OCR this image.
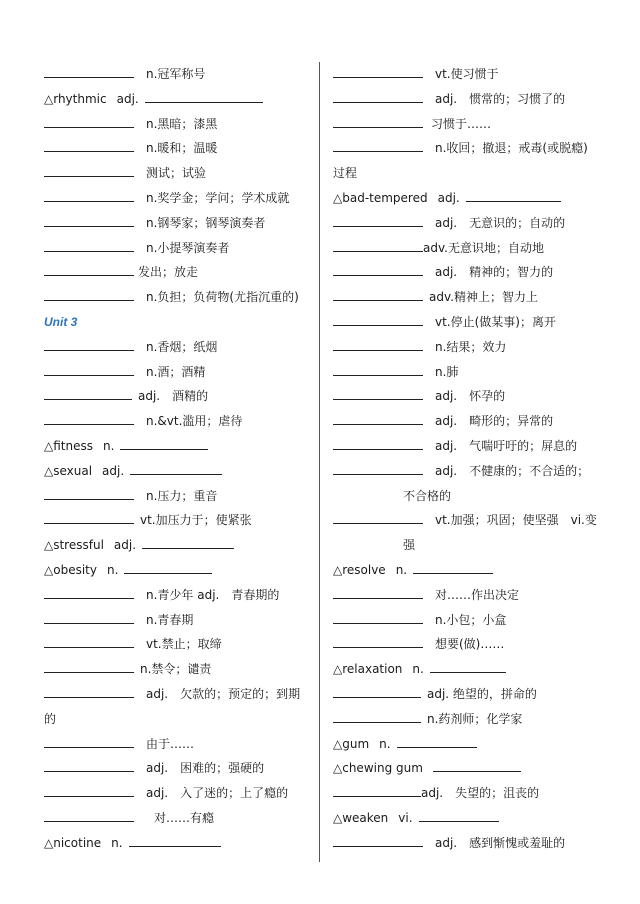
n.冠军称号
△rhythmic adj.
n.黑暗；漆黑
n.暖和；温暖
测试；试验
n.奖学金；学问；学术成就
n.钢琴家；钢琴演奏者
n.小提琴演奏者
发出；放走
n.负担；负荷物(尤指沉重的)
Unit 3
n.香烟；纸烟
n.酒；酒精
adj.　酒精的
n.&vt.滥用；虐待
△fitness n.
△sexual adj.
n.压力；重音
vt.加压力于；使紧张
△stressful adj.
△obesity n.
n.青少年 adj.　青春期的
n.青春期
vt.禁止；取缔
n.禁令；谴责
adj.　欠款的；预定的；到期
的
由于……
adj.　困难的；强硬的
adj.　入了迷的；上了瘾的
对……有瘾
△nicotine n.
vt.使习惯于
adj.　惯常的；习惯了的
习惯于……
n.收回；撤退；戒毒(或脱瘾)
过程
△bad-tempered adj.
adj.　无意识的；自动的
adv.无意识地；自动地
adj.　精神的；智力的
adv.精神上；智力上
vt.停止(做某事)；离开
n.结果；效力
n.肺
adj.　怀孕的
adj.　畸形的；异常的
adj.　气喘吁吁的；屏息的
adj.　不健康的；不合适的；
不合格的
vt.加强；巩固；使坚强　vi.变
强
△resolve n.
对……作出决定
n.小包；小盒
想要(做)……
△relaxation n.
adj. 绝望的，拼命的
n.药剂师；化学家
△gum n.
△chewing gum
adj.　失望的；沮丧的
△weaken vi.
adj.　感到惭愧或羞耻的
